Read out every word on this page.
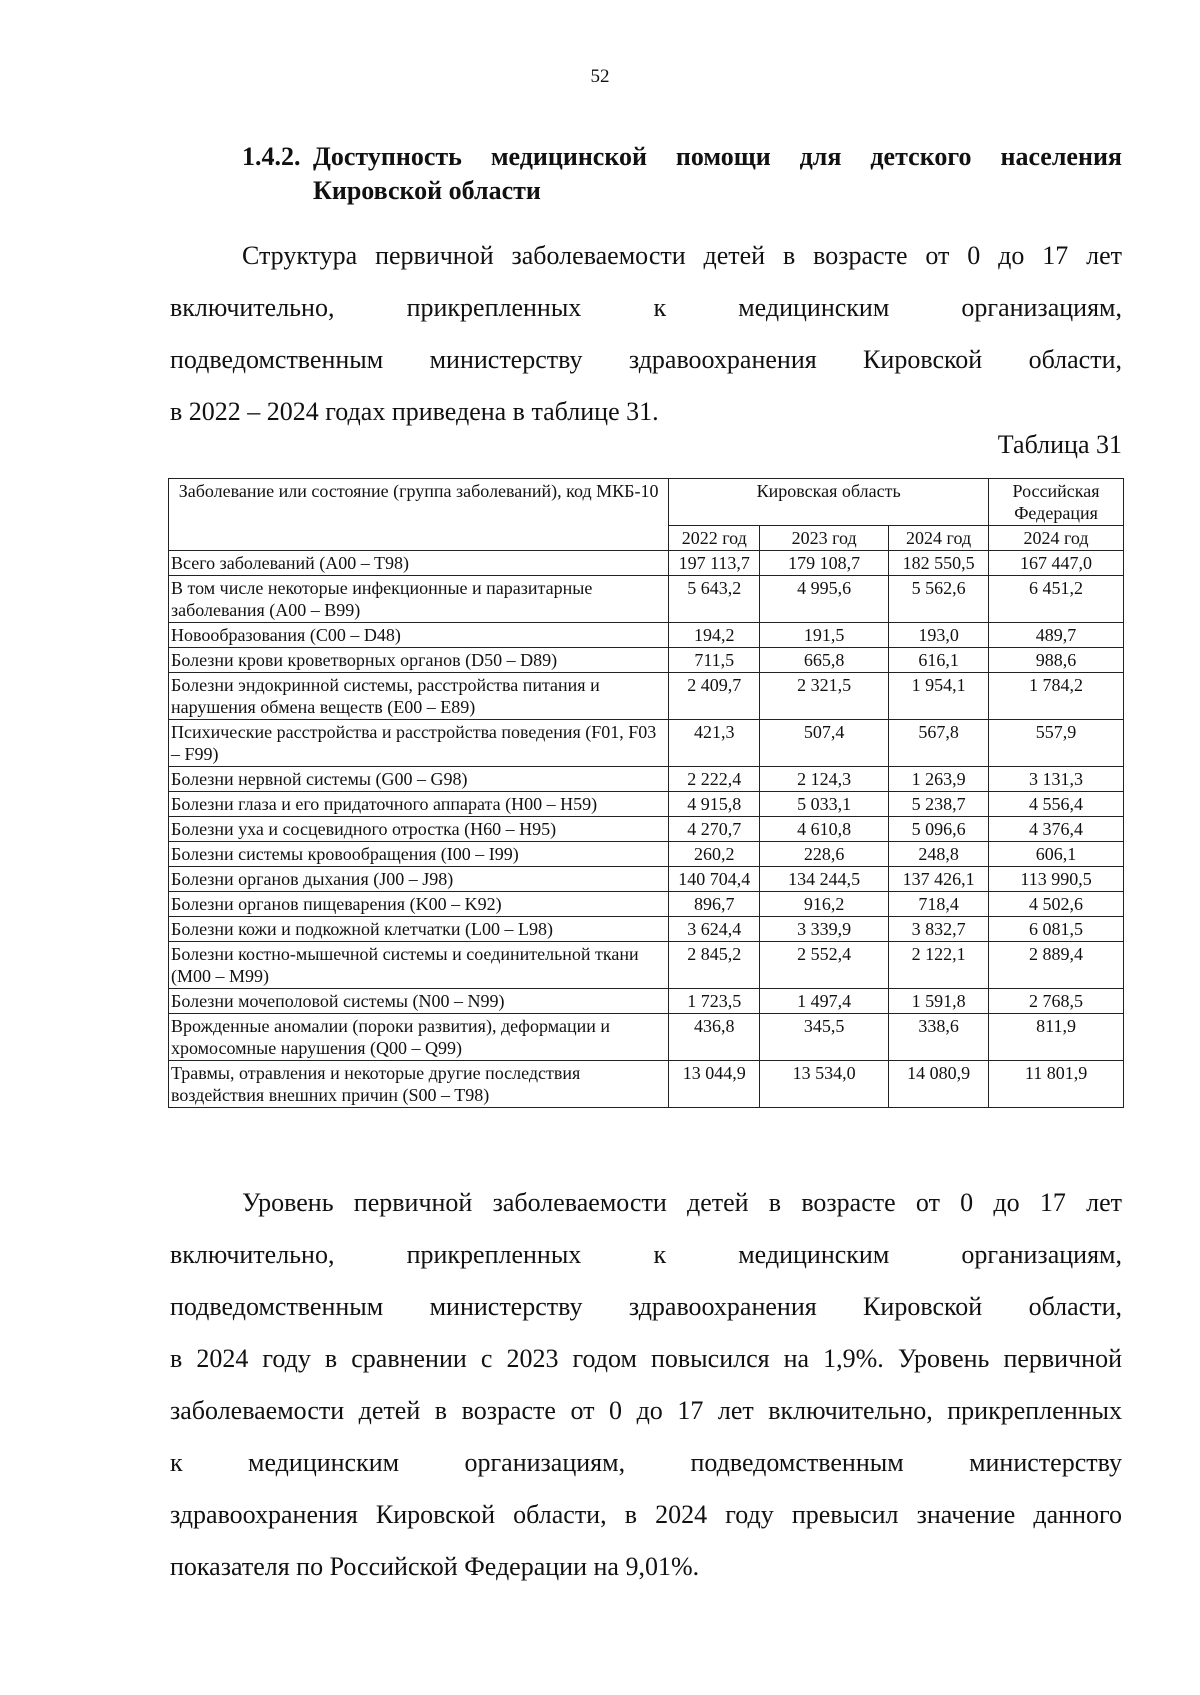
52
1.4.2. Доступность медицинской помощи для детского населения
Кировской области
Структура первичной заболеваемости детей в возрасте от 0 до 17 лет
включительно, прикрепленных к медицинским организациям,
подведомственным министерству здравоохранения Кировской области,
в 2022 – 2024 годах приведена в таблице 31.
Таблица 31
Заболевание или состояние (группа заболеваний), код МКБ-10	Кировская область			Российская Федерация
	2022 год	2023 год	2024 год	2024 год
Всего заболеваний (A00 – T98)	197 113,7	179 108,7	182 550,5	167 447,0
В том числе некоторые инфекционные и паразитарные заболевания (A00 – B99)	5 643,2	4 995,6	5 562,6	6 451,2
Новообразования (C00 – D48)	194,2	191,5	193,0	489,7
Болезни крови кроветворных органов (D50 – D89)	711,5	665,8	616,1	988,6
Болезни эндокринной системы, расстройства питания и нарушения обмена веществ (E00 – E89)	2 409,7	2 321,5	1 954,1	1 784,2
Психические расстройства и расстройства поведения (F01, F03 – F99)	421,3	507,4	567,8	557,9
Болезни нервной системы (G00 – G98)	2 222,4	2 124,3	1 263,9	3 131,3
Болезни глаза и его придаточного аппарата (H00 – H59)	4 915,8	5 033,1	5 238,7	4 556,4
Болезни уха и сосцевидного отростка (H60 – H95)	4 270,7	4 610,8	5 096,6	4 376,4
Болезни системы кровообращения (I00 – I99)	260,2	228,6	248,8	606,1
Болезни органов дыхания (J00 – J98)	140 704,4	134 244,5	137 426,1	113 990,5
Болезни органов пищеварения (K00 – K92)	896,7	916,2	718,4	4 502,6
Болезни кожи и подкожной клетчатки (L00 – L98)	3 624,4	3 339,9	3 832,7	6 081,5
Болезни костно-мышечной системы и соединительной ткани (M00 – M99)	2 845,2	2 552,4	2 122,1	2 889,4
Болезни мочеполовой системы (N00 – N99)	1 723,5	1 497,4	1 591,8	2 768,5
Врожденные аномалии (пороки развития), деформации и хромосомные нарушения (Q00 – Q99)	436,8	345,5	338,6	811,9
Травмы, отравления и некоторые другие последствия воздействия внешних причин (S00 – T98)	13 044,9	13 534,0	14 080,9	11 801,9
Уровень первичной заболеваемости детей в возрасте от 0 до 17 лет
включительно, прикрепленных к медицинским организациям,
подведомственным министерству здравоохранения Кировской области,
в 2024 году в сравнении с 2023 годом повысился на 1,9%. Уровень первичной
заболеваемости детей в возрасте от 0 до 17 лет включительно, прикрепленных
к медицинским организациям, подведомственным министерству
здравоохранения Кировской области, в 2024 году превысил значение данного
показателя по Российской Федерации на 9,01%.
